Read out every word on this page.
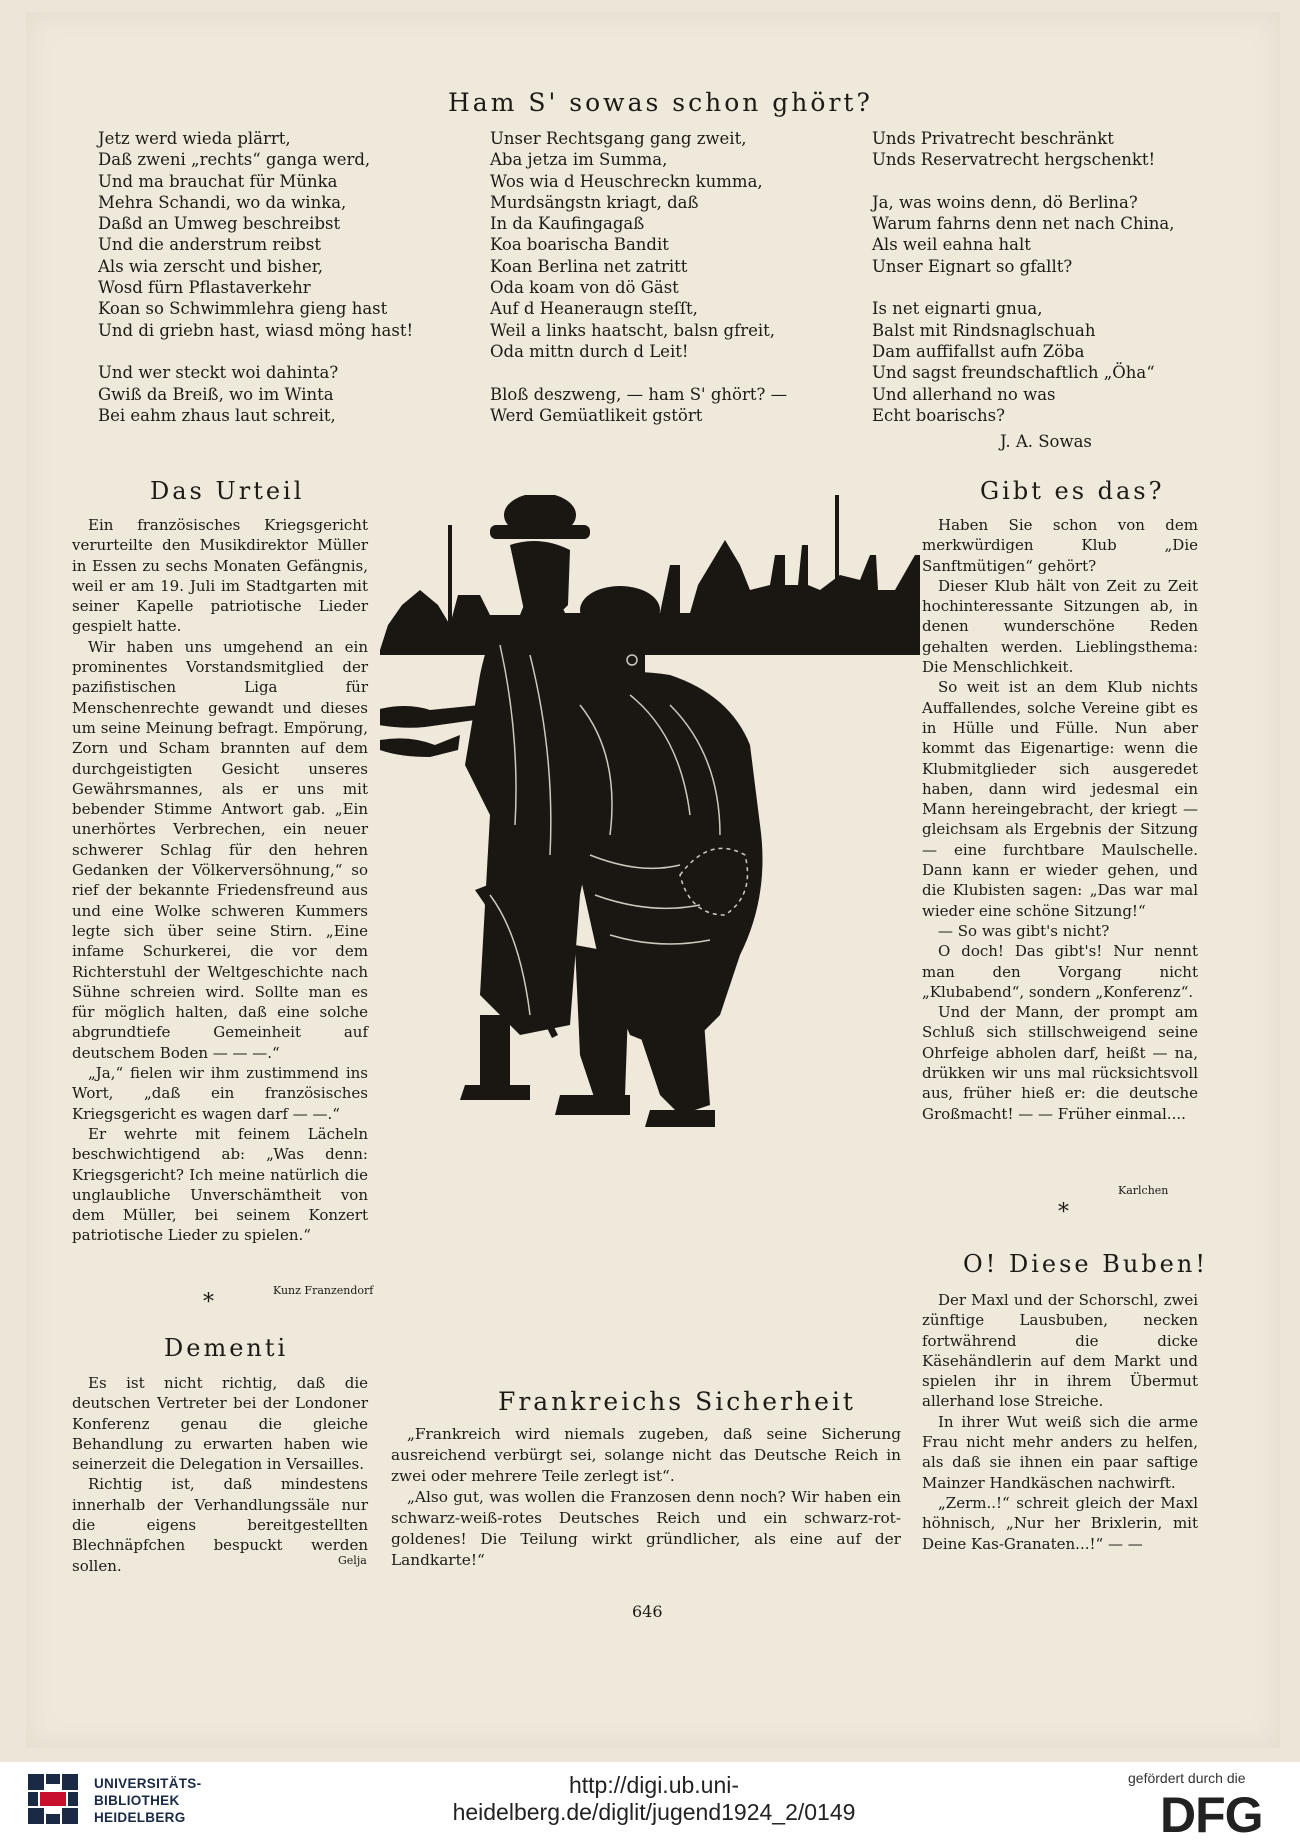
Ham S' sowas schon ghört?
Jetz werd wieda plärrt,
Daß zweni „rechts“ ganga werd,
Und ma brauchat für Münka
Mehra Schandi, wo da winka,
Daßd an Umweg beschreibst
Und die anderstrum reibst
Als wia zerscht und bisher,
Wosd fürn Pflastaverkehr
Koan so Schwimmlehra gieng hast
Und di griebn hast, wiasd möng hast!

Und wer steckt woi dahinta?
Gwiß da Breiß, wo im Winta
Bei eahm zhaus laut schreit,
Unser Rechtsgang gang zweit,
Aba jetza im Summa,
Wos wia d Heuschreckn kumma,
Murdsängstn kriagt, daß
In da Kaufingagaß
Koa boarischa Bandit
Koan Berlina net zatritt
Oda koam von dö Gäst
Auf d Heaneraugn steſſt,
Weil a links haatscht, balsn gfreit,
Oda mittn durch d Leit!

Bloß deszweng, — ham S' ghört? —
Werd Gemüatlikeit gstört
Unds Privatrecht beschränkt
Unds Reservatrecht hergschenkt!

Ja, was woins denn, dö Berlina?
Warum fahrns denn net nach China,
Als weil eahna halt
Unser Eignart so gfallt?

Is net eignarti gnua,
Balst mit Rindsnaglschuah
Dam auffifallst aufn Zöba
Und sagst freundschaftlich „Öha“
Und allerhand no was
Echt boarischs?
J. A. Sowas
Das Urteil

Ein französisches Kriegsgericht verurteilte den Musikdirektor Müller in Essen zu sechs Monaten Gefängnis, weil er am 19. Juli im Stadtgarten mit seiner Kapelle patriotische Lieder gespielt hatte.

Wir haben uns umgehend an ein prominentes Vorstandsmitglied der pazifistischen Liga für Menschenrechte gewandt und dieses um seine Meinung befragt. Empörung, Zorn und Scham brannten auf dem durchgeistigten Gesicht unseres Gewährsmannes, als er uns mit bebender Stimme Antwort gab. „Ein unerhörtes Verbrechen, ein neuer schwerer Schlag für den hehren Gedanken der Völkerversöhnung,“ so rief der bekannte Friedensfreund aus und eine Wolke schweren Kummers legte sich über seine Stirn. „Eine infame Schurkerei, die vor dem Richterstuhl der Weltgeschichte nach Sühne schreien wird. Sollte man es für möglich halten, daß eine solche abgrundtiefe Gemeinheit auf deutschem Boden — — —.“

„Ja,“ fielen wir ihm zustimmend ins Wort, „daß ein französisches Kriegsgericht es wagen darf — —.“

Er wehrte mit feinem Lächeln beschwichtigend ab: „Was denn: Kriegsgericht? Ich meine natürlich die unglaubliche Unverschämtheit von dem Müller, bei seinem Konzert patriotische Lieder zu spielen.“

Kunz Franzendorf
*
Dementi

Es ist nicht richtig, daß die deutschen Vertreter bei der Londoner Konferenz genau die gleiche Behandlung zu erwarten haben wie seinerzeit die Delegation in Versailles.

Richtig ist, daß mindestens innerhalb der Verhandlungssäle nur die eigens bereitgestellten Blechnäpfchen bespuckt werden sollen.	Gelja
Frankreichs Sicherheit

„Frankreich wird niemals zugeben, daß seine Sicherung ausreichend verbürgt sei, solange nicht das Deutsche Reich in zwei oder mehrere Teile zerlegt ist“.

„Also gut, was wollen die Franzosen denn noch? Wir haben ein schwarz-weiß-rotes Deutsches Reich und ein schwarz-rot-goldenes! Die Teilung wirkt gründlicher, als eine auf der Landkarte!“

Gibt es das?

Haben Sie schon von dem merkwürdigen Klub „Die Sanftmütigen“ gehört?

Dieser Klub hält von Zeit zu Zeit hochinteressante Sitzungen ab, in denen wunderschöne Reden gehalten werden. Lieblingsthema: Die Menschlichkeit.

So weit ist an dem Klub nichts Auffallendes, solche Vereine gibt es in Hülle und Fülle. Nun aber kommt das Eigenartige: wenn die Klubmitglieder sich ausgeredet haben, dann wird jedesmal ein Mann hereingebracht, der kriegt — gleichsam als Ergebnis der Sitzung — eine furchtbare Maulschelle. Dann kann er wieder gehen, und die Klubisten sagen: „Das war mal wieder eine schöne Sitzung!“

— So was gibt's nicht?

O doch! Das gibt's! Nur nennt man den Vorgang nicht „Klubabend“, sondern „Konferenz“.

Und der Mann, der prompt am Schluß sich stillschweigend seine Ohrfeige abholen darf, heißt — na, drükken wir uns mal rücksichtsvoll aus, früher hieß er: die deutsche Großmacht! — — Früher einmal....

Karlchen
*
O! Diese Buben!

Der Maxl und der Schorschl, zwei zünftige Lausbuben, necken fortwährend die dicke Käsehändlerin auf dem Markt und spielen ihr in ihrem Übermut allerhand lose Streiche.

In ihrer Wut weiß sich die arme Frau nicht mehr anders zu helfen, als daß sie ihnen ein paar saftige Mainzer Handkäschen nachwirft.

„Zerm..!“ schreit gleich der Maxl höhnisch, „Nur her Brixlerin, mit Deine Kas-Granaten...!“ — —

646
UNIVERSITÄTS-
BIBLIOTHEK
HEIDELBERG
http://digi.ub.uni-heidelberg.de/diglit/jugend1924_2/0149
gefördert durch die
DFG
